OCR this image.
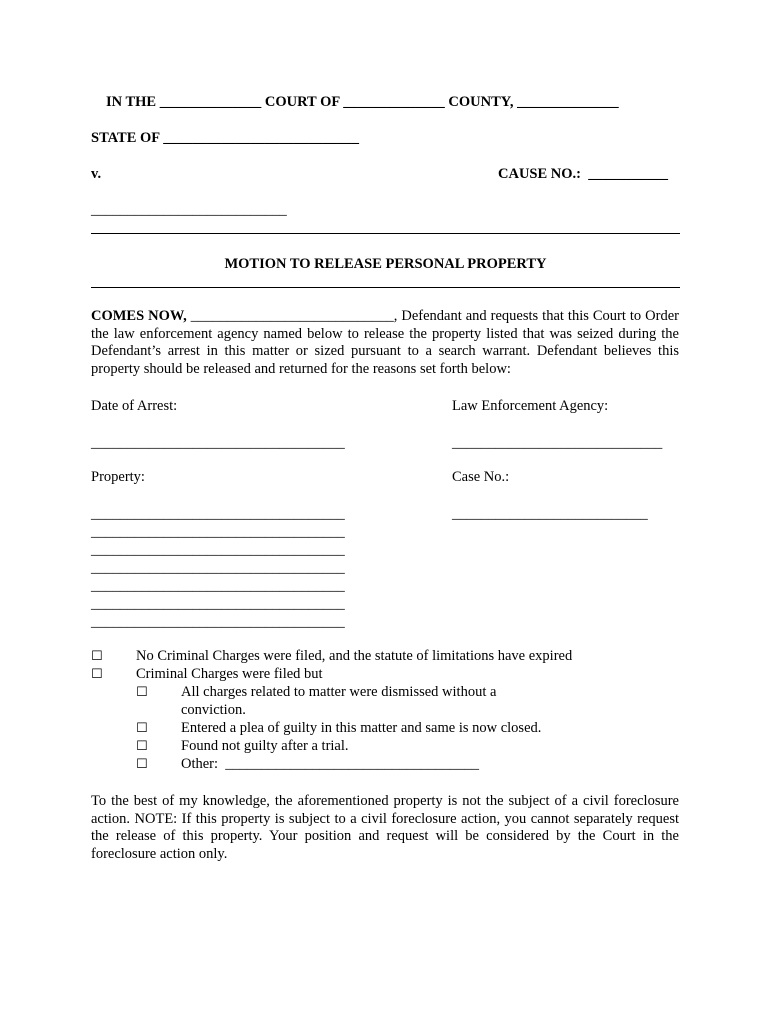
IN THE ______________ COURT OF ______________ COUNTY, ______________
STATE OF ___________________________
v.	CAUSE NO.:  ___________
___________________________
MOTION TO RELEASE PERSONAL PROPERTY
COMES NOW, ____________________________, Defendant and requests that this Court to Order the law enforcement agency named below to release the property listed that was seized during the Defendant’s arrest in this matter or sized pursuant to a search warrant. Defendant believes this property should be released and returned for the reasons set forth below:
Date of Arrest:	Law Enforcement Agency:
___________________________________	_____________________________
Property:	Case No.:
___________________________________
___________________________________
___________________________________
___________________________________
___________________________________
___________________________________
___________________________________
___________________________
☐ No Criminal Charges were filed, and the statute of limitations have expired
☐ Criminal Charges were filed but
☐ All charges related to matter were dismissed without a
conviction.
☐ Entered a plea of guilty in this matter and same is now closed.
☐ Found not guilty after a trial.
☐ Other:  ___________________________________
To the best of my knowledge, the aforementioned property is not the subject of a civil foreclosure action. NOTE: If this property is subject to a civil foreclosure action, you cannot separately request the release of this property. Your position and request will be considered by the Court in the foreclosure action only.
